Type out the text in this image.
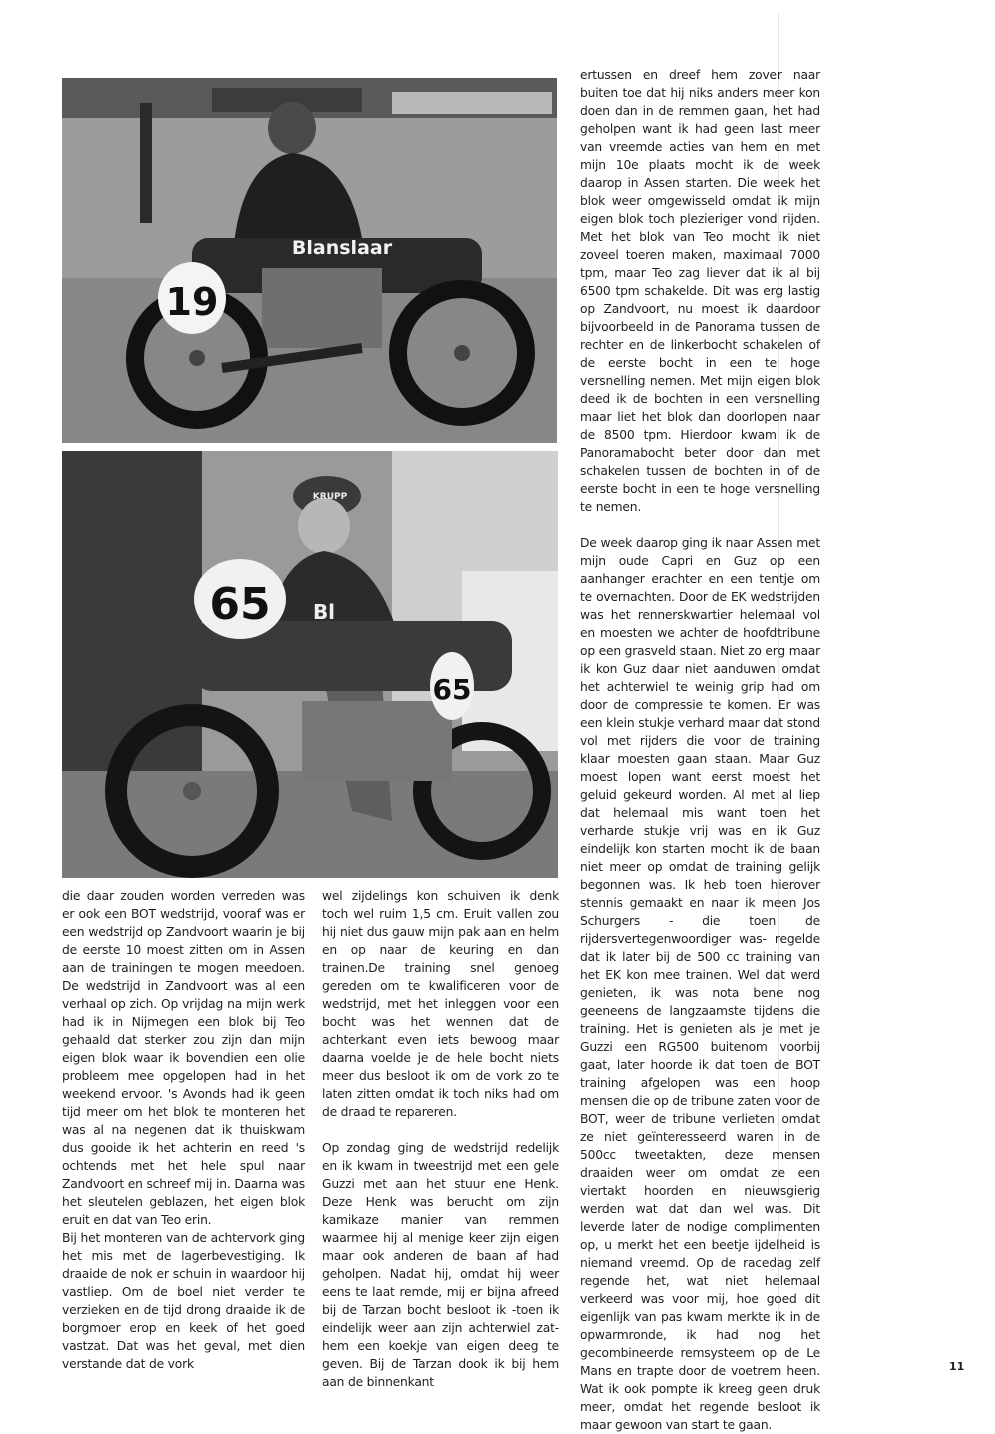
19
Blanslaar
65
65
KRUPP
Bl

die daar zouden worden verreden was er ook een BOT wedstrijd, vooraf was er een wedstrijd op Zandvoort waarin je bij de eerste 10 moest zitten om in Assen aan de trainingen te mogen meedoen. De wedstrijd in Zandvoort was al een verhaal op zich. Op vrijdag na mijn werk had ik in Nijmegen een blok bij Teo gehaald dat sterker zou zijn dan mijn eigen blok waar ik bovendien een olie probleem mee opgelopen had in het weekend ervoor. 's Avonds had ik geen tijd meer om het blok te monteren het was al na negenen dat ik thuiskwam dus gooide ik het achterin en reed 's ochtends met het hele spul naar Zandvoort en schreef mij in. Daarna was het sleutelen geblazen, het eigen blok eruit en dat van Teo erin.

Bij het monteren van de achtervork ging het mis met de lagerbevestiging. Ik draaide de nok er schuin in waardoor hij vastliep. Om de boel niet verder te verzieken en de tijd drong draaide ik de borgmoer erop en keek of het goed vastzat. Dat was het geval, met dien verstande dat de vork

wel zijdelings kon schuiven ik denk toch wel ruim 1,5 cm. Eruit vallen zou hij niet dus gauw mijn pak aan en helm en op naar de keuring en dan trainen.De training snel genoeg gereden om te kwalificeren voor de wedstrijd, met het inleggen voor een bocht was het wennen dat de achterkant even iets bewoog maar daarna voelde je de hele bocht niets meer dus besloot ik om de vork zo te laten zitten omdat ik toch niks had om de draad te repareren.

Op zondag ging de wedstrijd redelijk en ik kwam in tweestrijd met een gele Guzzi met aan het stuur ene Henk. Deze Henk was berucht om zijn kamikaze manier van remmen waarmee hij al menige keer zijn eigen maar ook anderen de baan af had geholpen. Nadat hij, omdat hij weer eens te laat remde, mij er bijna afreed bij de Tarzan bocht besloot ik -toen ik eindelijk weer aan zijn achterwiel zat- hem een koekje van eigen deeg te geven. Bij de Tarzan dook ik bij hem aan de binnenkant

ertussen en dreef hem zover naar buiten toe dat hij niks anders meer kon doen dan in de remmen gaan, het had geholpen want ik had geen last meer van vreemde acties van hem en met mijn 10e plaats mocht ik de week daarop in Assen starten. Die week het blok weer omgewisseld omdat ik mijn eigen blok toch plezieriger vond rijden. Met het blok van Teo mocht ik niet zoveel toeren maken, maximaal 7000 tpm, maar Teo zag liever dat ik al bij 6500 tpm schakelde. Dit was erg lastig op Zandvoort, nu moest ik daardoor bijvoorbeeld in de Panorama tussen de rechter en de linkerbocht schakelen of de eerste bocht in een te hoge versnelling nemen. Met mijn eigen blok deed ik de bochten in een versnelling maar liet het blok dan doorlopen naar de 8500 tpm. Hierdoor kwam ik de Panoramabocht beter door dan met schakelen tussen de bochten in of de eerste bocht in een te hoge versnelling te nemen.

De week daarop ging ik naar Assen met mijn oude Capri en Guz op een aanhanger erachter en een tentje om te overnachten. Door de EK wedstrijden was het rennerskwartier helemaal vol en moesten we achter de hoofdtribune op een grasveld staan. Niet zo erg maar ik kon Guz daar niet aanduwen omdat het achterwiel te weinig grip had om door de compressie te komen. Er was een klein stukje verhard maar dat stond vol met rijders die voor de training klaar moesten gaan staan. Maar Guz moest lopen want eerst moest het geluid gekeurd worden. Al met al liep dat helemaal mis want toen het verharde stukje vrij was en ik Guz eindelijk kon starten mocht ik de baan niet meer op omdat de training gelijk begonnen was. Ik heb toen hierover stennis gemaakt en naar ik meen Jos Schurgers - die toen de rijdersvertegenwoordiger was- regelde dat ik later bij de 500 cc training van het EK kon mee trainen. Wel dat werd genieten, ik was nota bene nog geeneens de langzaamste tijdens die training. Het is genieten als je met je Guzzi een RG500 buitenom voorbij gaat, later hoorde ik dat toen de BOT training afgelopen was een hoop mensen die op de tribune zaten voor de BOT, weer de tribune verlieten omdat ze niet geïnteresseerd waren in de 500cc tweetakten, deze mensen draaiden weer om omdat ze een viertakt hoorden en nieuwsgierig werden wat dat dan wel was. Dit leverde later de nodige complimenten op, u merkt het een beetje ijdelheid is niemand vreemd. Op de racedag zelf regende het, wat niet helemaal verkeerd was voor mij, hoe goed dit eigenlijk van pas kwam merkte ik in de opwarmronde, ik had nog het gecombineerde remsysteem op de Le Mans en trapte door de voetrem heen. Wat ik ook pompte ik kreeg geen druk meer, omdat het regende besloot ik maar gewoon van start te gaan.

11
